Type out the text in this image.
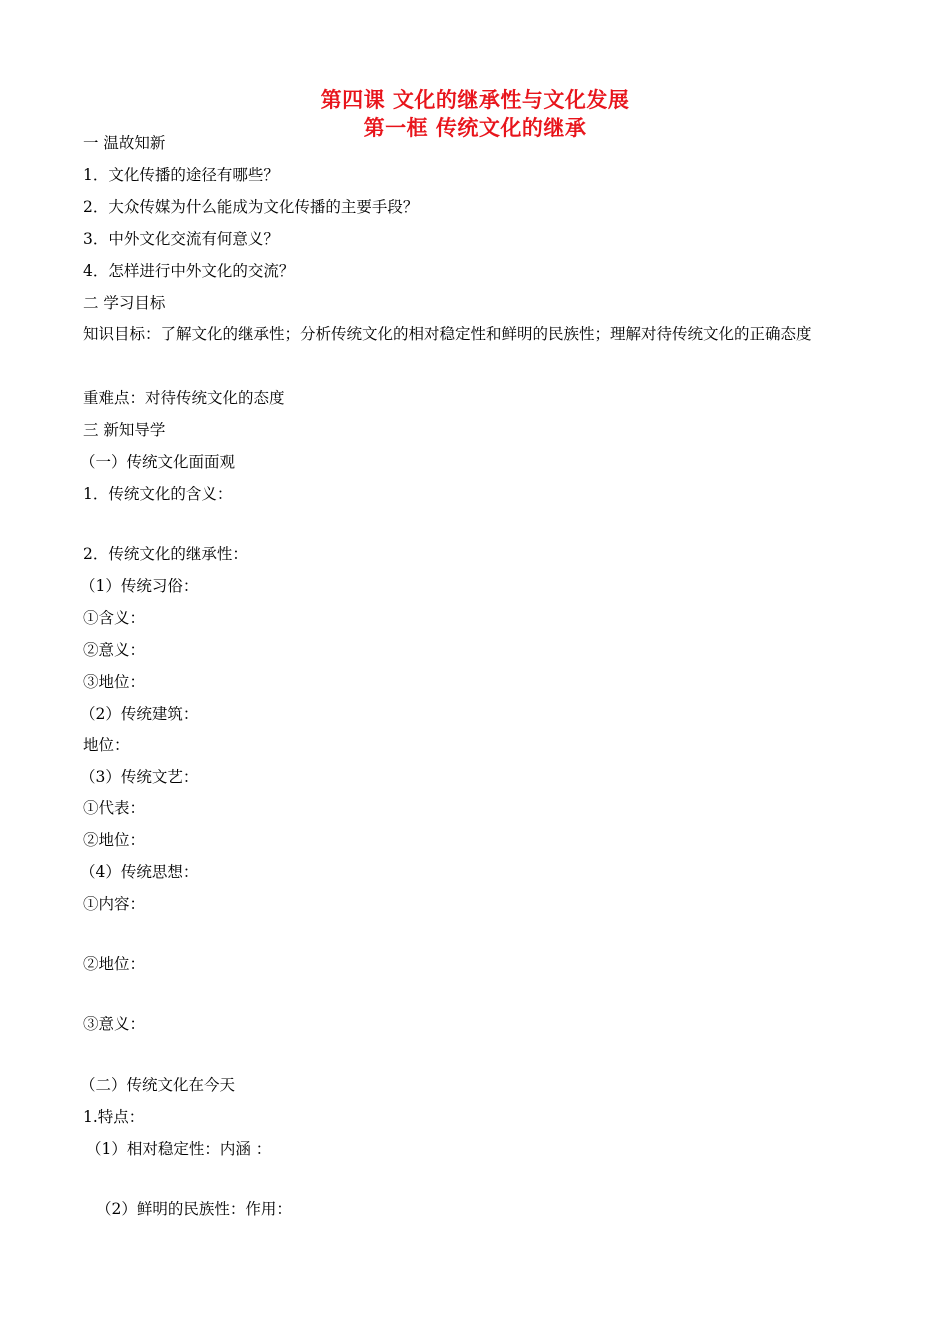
第四课 文化的继承性与文化发展
第一框 传统文化的继承
一 温故知新
1．文化传播的途径有哪些？
2．大众传媒为什么能成为文化传播的主要手段？
3．中外文化交流有何意义？
4．怎样进行中外文化的交流？
二 学习目标
知识目标：了解文化的继承性；分析传统文化的相对稳定性和鲜明的民族性；理解对待传统文化的正确态度
重难点：对待传统文化的态度
三 新知导学
（一）传统文化面面观
1．传统文化的含义：
2．传统文化的继承性：
（1）传统习俗：
①含义：
②意义：
③地位：
（2）传统建筑：
地位：
（3）传统文艺：
①代表：
②地位：
（4）传统思想：
①内容：
②地位：
③意义：
（二）传统文化在今天
1.特点：
（1）相对稳定性：内涵 ：
（2）鲜明的民族性：作用：
